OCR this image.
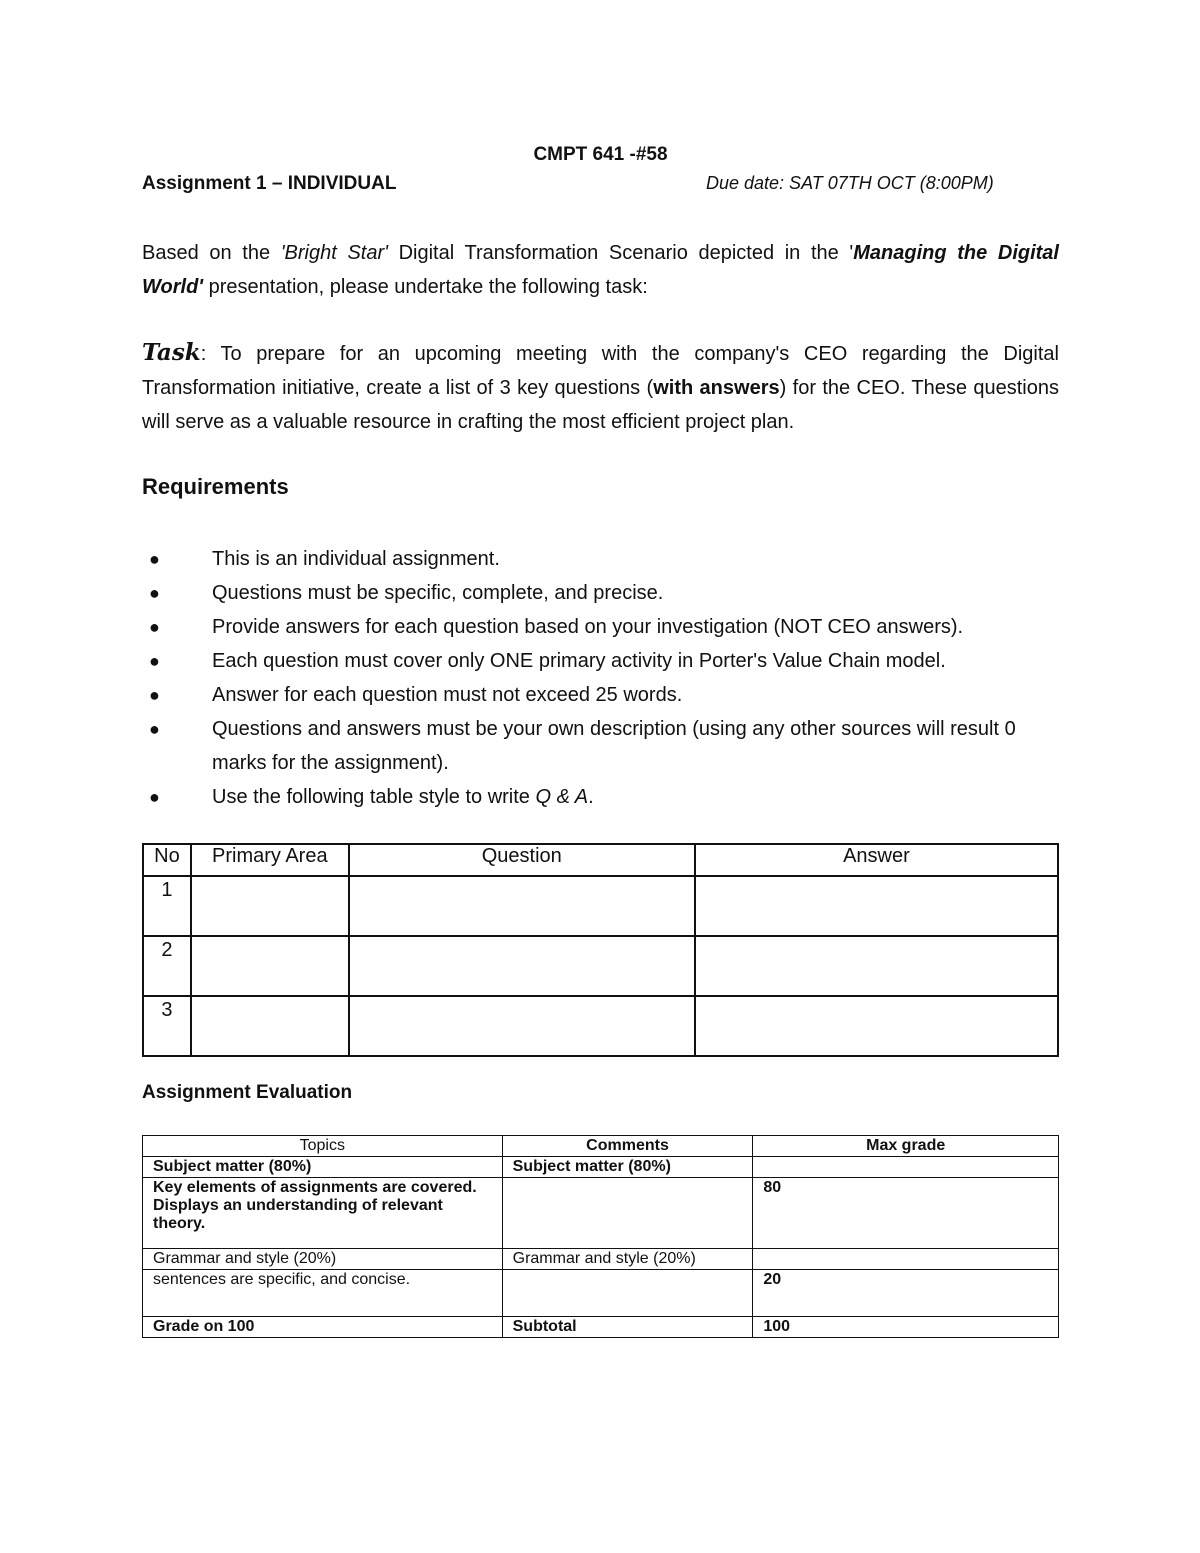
CMPT 641 -#58
Assignment 1 – INDIVIDUAL	Due date: SAT 07TH OCT (8:00PM)
Based on the 'Bright Star' Digital Transformation Scenario depicted in the 'Managing the Digital World' presentation, please undertake the following task:
Task: To prepare for an upcoming meeting with the company's CEO regarding the Digital Transformation initiative, create a list of 3 key questions (with answers) for the CEO. These questions will serve as a valuable resource in crafting the most efficient project plan.
Requirements
●	This is an individual assignment.
●	Questions must be specific, complete, and precise.
●	Provide answers for each question based on your investigation (NOT CEO answers).
●	Each question must cover only ONE primary activity in Porter's Value Chain model.
●	Answer for each question must not exceed 25 words.
●	Questions and answers must be your own description (using any other sources will result 0 marks for the assignment).
●	Use the following table style to write Q & A.
No	Primary Area	Question	Answer
1			
2			
3			
Assignment Evaluation
Topics	Comments	Max grade
Subject matter (80%)	Subject matter (80%)	
Key elements of assignments are covered. Displays an understanding of relevant theory.		80
Grammar and style (20%)	Grammar and style (20%)	
sentences are specific, and concise.		20
Grade on 100	Subtotal	100
